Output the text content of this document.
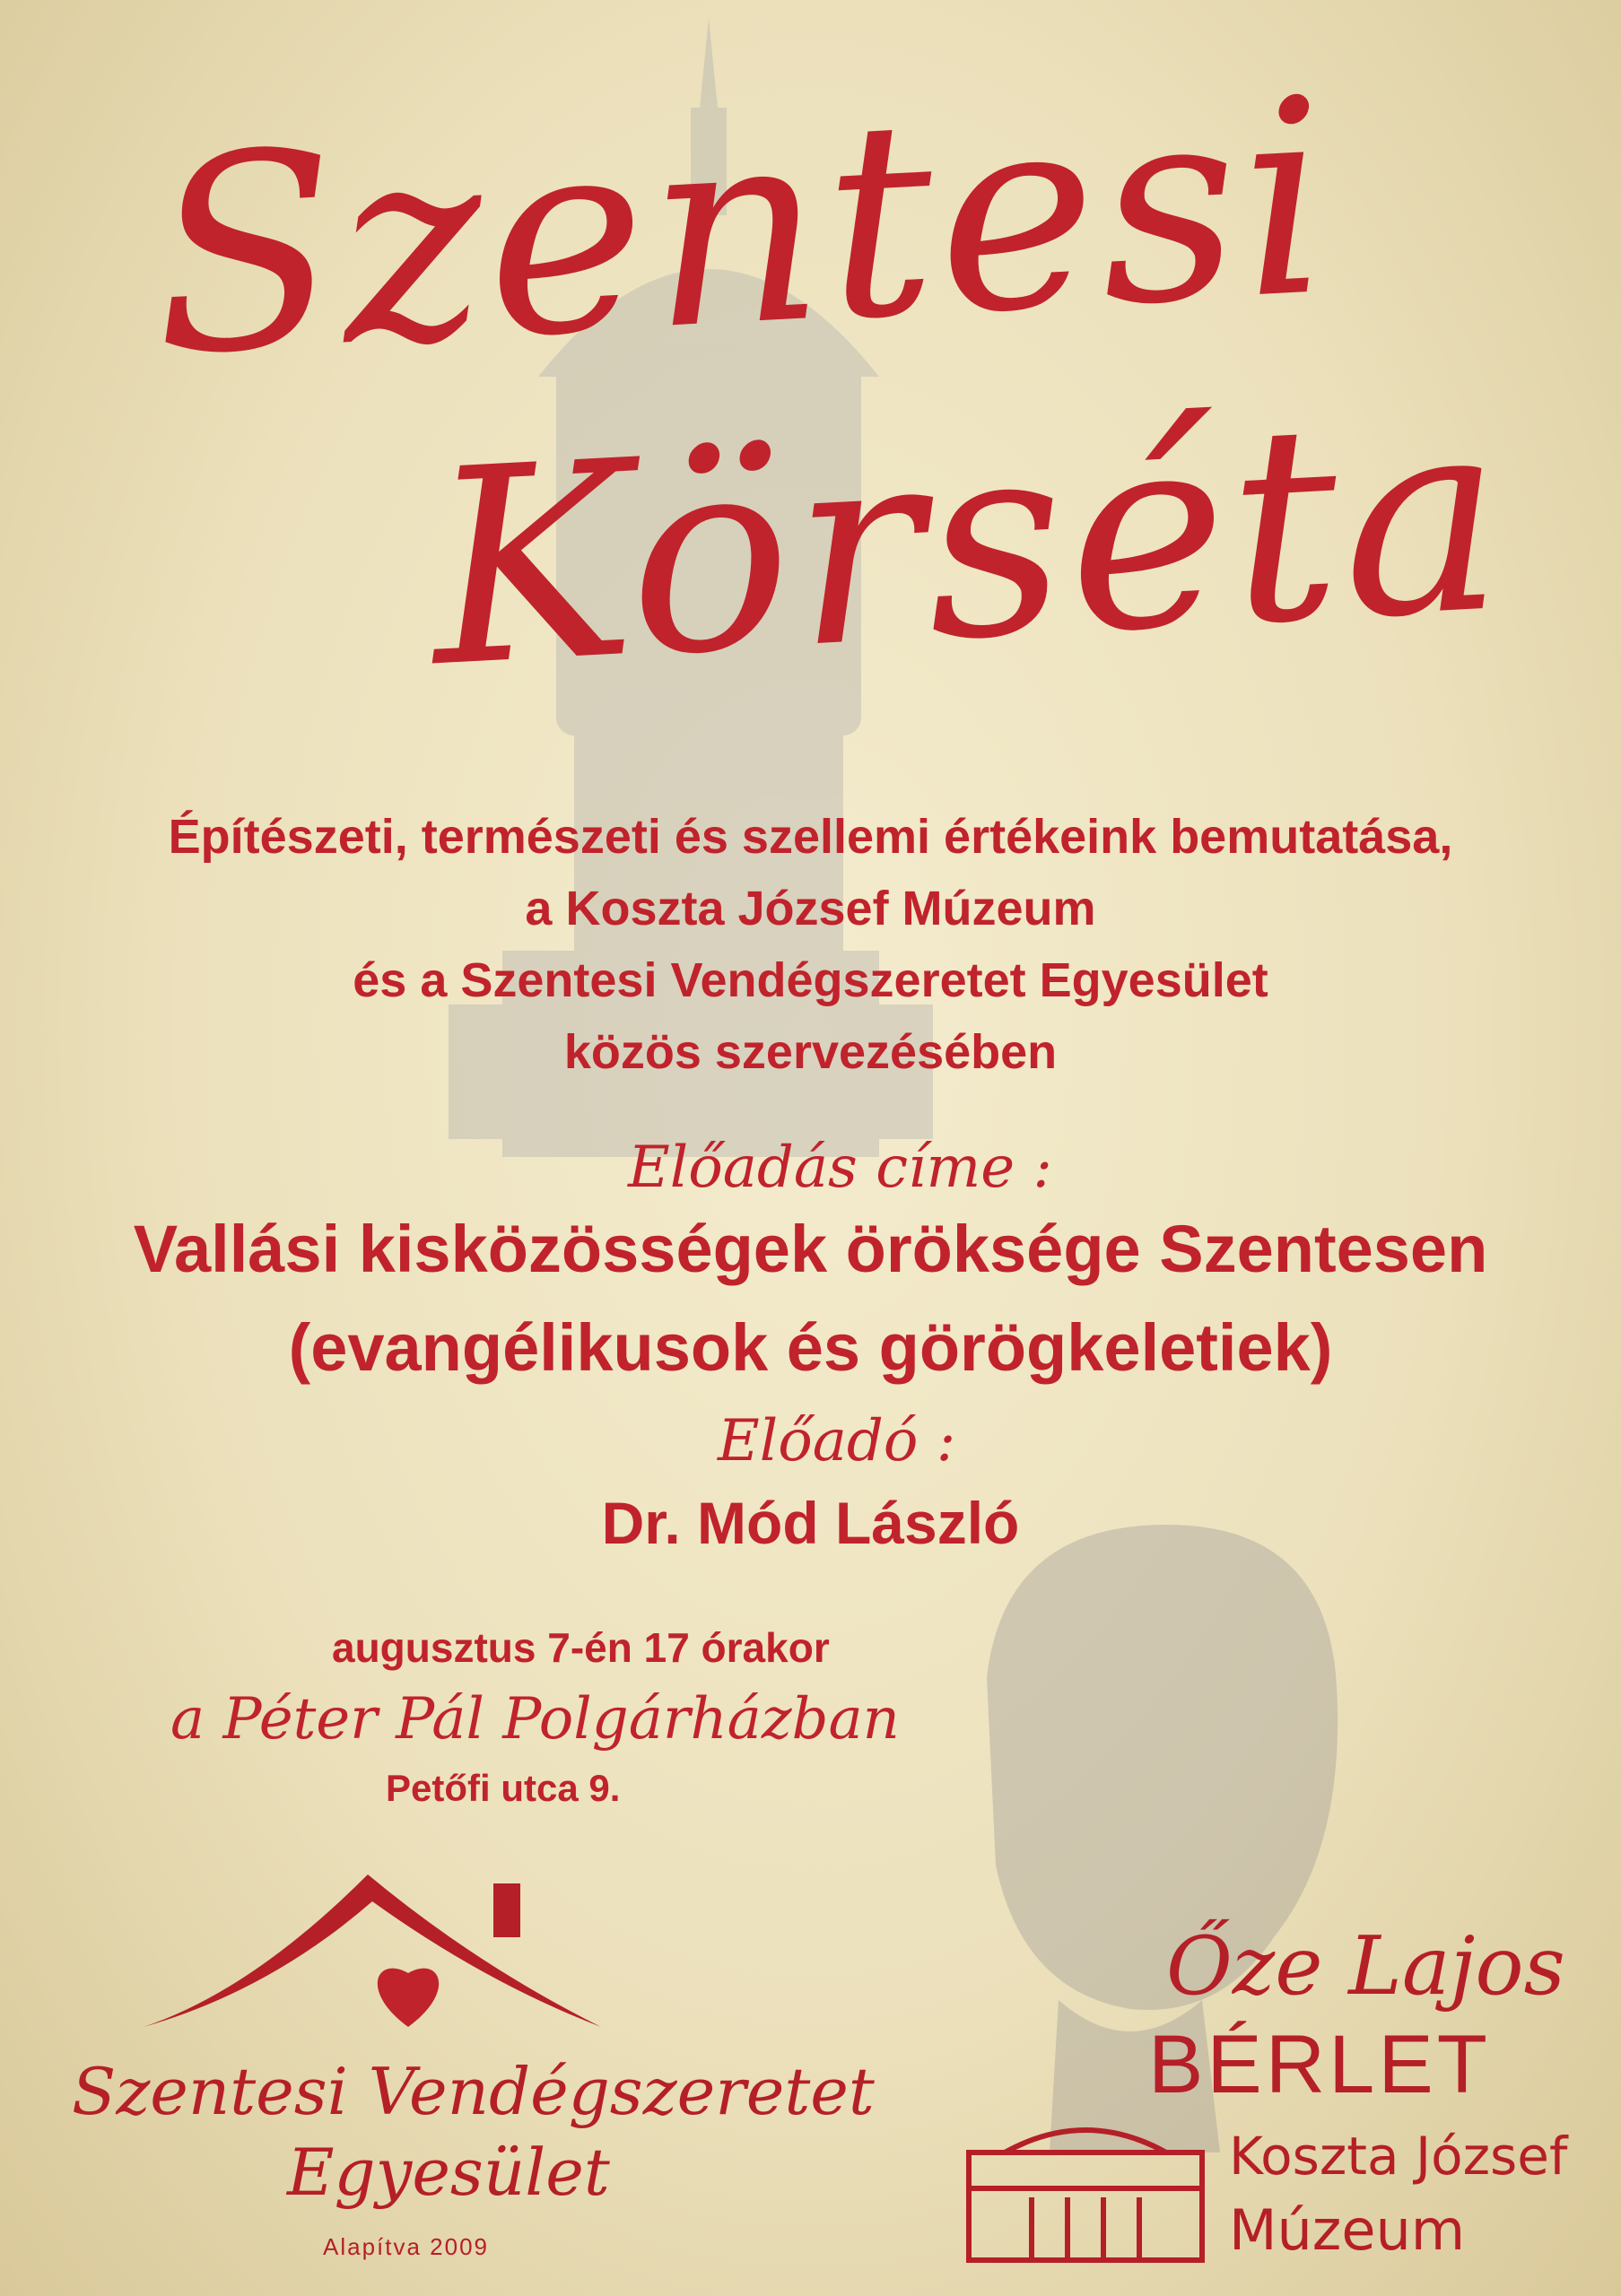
Szentesi
Körséta
Építészeti, természeti és szellemi értékeink bemutatása,
a Koszta József Múzeum
és a Szentesi Vendégszeretet Egyesület
közös szervezésében
Előadás címe :
Vallási kisközösségek öröksége Szentesen
(evangélikusok és görögkeletiek)
Előadó :
Dr. Mód László
augusztus 7-én 17 órakor
a Péter Pál Polgárházban
Petőfi utca 9.
Szentesi Vendégszeretet
Egyesület
Alapítva 2009
Őze Lajos
BÉRLET
Koszta József
Múzeum
